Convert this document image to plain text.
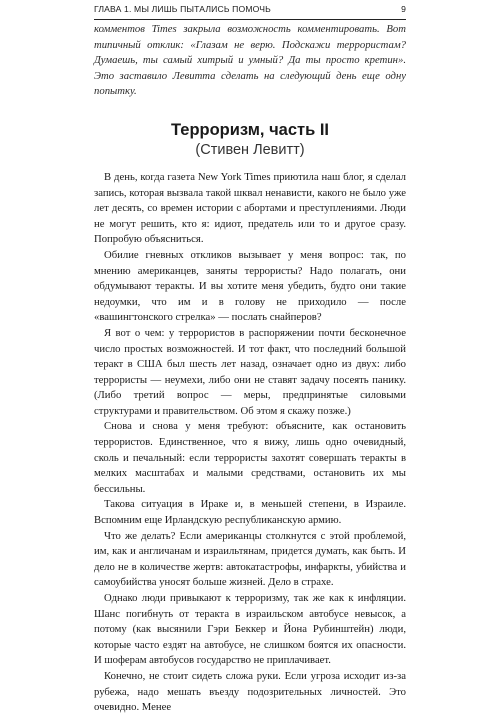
ГЛАВА 1. МЫ ЛИШЬ ПЫТАЛИСЬ ПОМОЧЬ	9

комментов Times закрыла возможность комментировать. Вот типичный отклик: «Глазам не верю. Подскажи террористам? Думаешь, ты самый хитрый и умный? Да ты просто кретин». Это заставило Левитта сделать на следующий день еще одну попытку.

Терроризм, часть II
(Стивен Левитт)

В день, когда газета New York Times приютила наш блог, я сделал запись, которая вызвала такой шквал ненависти, какого не было уже лет десять, со времен истории с абортами и преступлениями. Люди не могут решить, кто я: идиот, предатель или то и другое сразу. Попробую объясниться.

Обилие гневных откликов вызывает у меня вопрос: так, по мнению американцев, заняты террористы? Надо полагать, они обдумывают теракты. И вы хотите меня убедить, будто они такие недоумки, что им и в голову не приходило — после «вашингтонского стрелка» — послать снайперов?

Я вот о чем: у террористов в распоряжении почти бесконечное число простых возможностей. И тот факт, что последний большой теракт в США был шесть лет назад, означает одно из двух: либо террористы — неумехи, либо они не ставят задачу посеять панику. (Либо третий вопрос — меры, предпринятые силовыми структурами и правительством. Об этом я скажу позже.)

Снова и снова у меня требуют: объясните, как остановить террористов. Единственное, что я вижу, лишь одно очевидный, сколь и печальный: если террористы захотят совершать теракты в мелких масштабах и малыми средствами, остановить их мы бессильны.

Такова ситуация в Ираке и, в меньшей степени, в Израиле. Вспомним еще Ирландскую республиканскую армию.

Что же делать? Если американцы столкнутся с этой проблемой, им, как и англичанам и израильтянам, придется думать, как быть. И дело не в количестве жертв: автокатастрофы, инфаркты, убийства и самоубийства уносят больше жизней. Дело в страхе.

Однако люди привыкают к терроризму, так же как к инфляции. Шанс погибнуть от теракта в израильском автобусе невысок, а потому (как высянили Гэри Беккер и Йона Рубинштейн) люди, которые часто ездят на автобусе, не слишком боятся их опасности. И шоферам автобусов государство не приплачивает.

Конечно, не стоит сидеть сложа руки. Если угроза исходит из-за рубежа, надо мешать въезду подозрительных личностей. Это очевидно. Менее
